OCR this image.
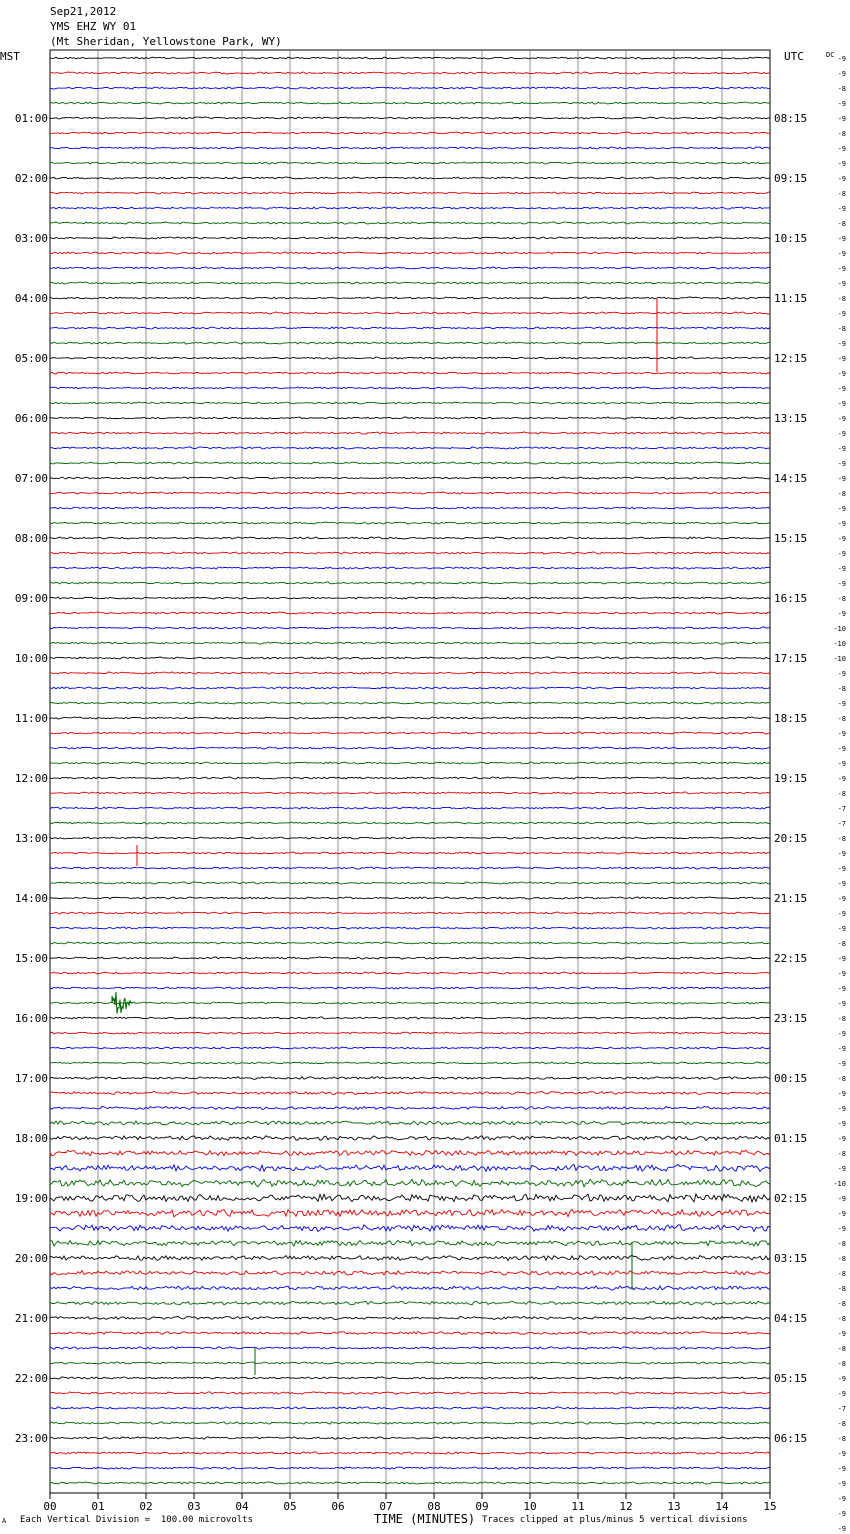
Sep21,2012
YMS EHZ WY 01
(Mt Sheridan, Yellowstone Park, WY)
MST	UTC	DC
01:00	08:15
02:00	09:15
03:00	10:15
04:00	11:15
05:00	12:15
06:00	13:15
07:00	14:15
08:00	15:15
09:00	16:15
10:00	17:15
11:00	18:15
12:00	19:15
13:00	20:15
14:00	21:15
15:00	22:15
16:00	23:15
17:00	00:15
18:00	01:15
19:00	02:15
20:00	03:15
21:00	04:15
22:00	05:15
23:00	06:15
-9
-9
-8
-9
-9
-8
-9
-9
-9
-8
-9
-8
-9
-9
-9
-9
-8
-9
-8
-9
-9
-9
-9
-9
-9
-9
-9
-9
-9
-8
-9
-9
-9
-9
-9
-9
-8
-9
-10
-10
-10
-9
-8
-9
-8
-9
-9
-9
-9
-8
-7
-7
-8
-9
-9
-9
-9
-9
-9
-8
-9
-9
-9
-9
-8
-9
-9
-9
-8
-9
-9
-9
-9
-8
-9
-10
-9
-9
-9
-8
-8
-8
-8
-8
-8
-9
-8
-8
-9
-9
-7
-8
-8
-9
-9
-9
-9
-9
-9
00	01	02	03	04	05	06	07	08	09	10	11	12	13	14	15
A Each Vertical Division =  100.00 microvolts	TIME (MINUTES) Traces clipped at plus/minus 5 vertical divisions
